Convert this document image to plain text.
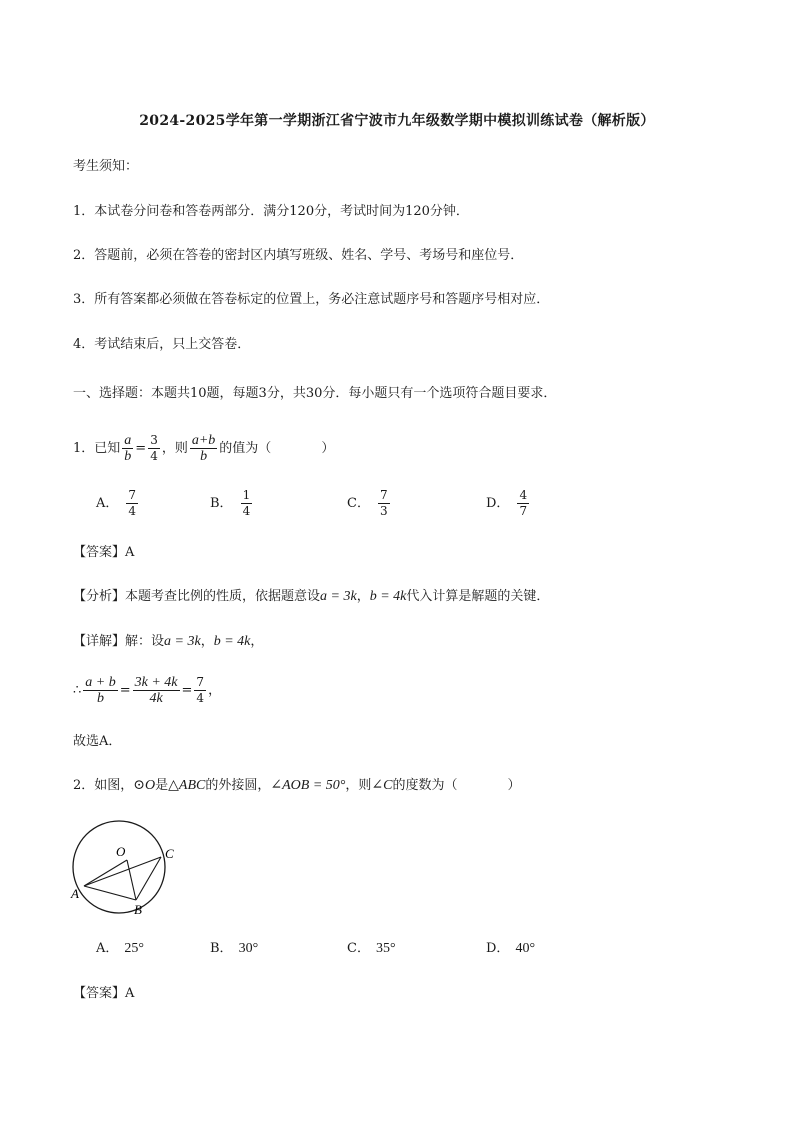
2024-2025学年第一学期浙江省宁波市九年级数学期中模拟训练试卷（解析版）
考生须知：
1．本试卷分问卷和答卷两部分．满分120分，考试时间为120分钟．
2．答题前，必须在答卷的密封区内填写班级、姓名、学号、考场号和座位号．
3．所有答案都必须做在答卷标定的位置上，务必注意试题序号和答题序号相对应．
4．考试结束后，只上交答卷．
一、选择题：本题共10题，每题3分，共30分．每小题只有一个选项符合题目要求．
1．已知 $\frac{a}{b} = \frac{3}{4}$ ，则 $\frac{a+b}{b}$ 的值为（	）
A． $\frac{7}{4}$	B． $\frac{1}{4}$	C． $\frac{7}{3}$	D． $\frac{4}{7}$
【答案】A
【分析】本题考查比例的性质，依据题意设a = 3k，b = 4k代入计算是解题的关键．
【详解】解：设a = 3k，b = 4k，
∴ $\frac{a + b}{b} = \frac{3k + 4k}{4k} = \frac{7}{4}$ ，
故选A．
2．如图，⊙O是△ABC的外接圆，∠AOB = 50°，则∠C的度数为（	）
O
A
B
C
A． 25°	B． 30°	C． 35°	D． 40°
【答案】A
